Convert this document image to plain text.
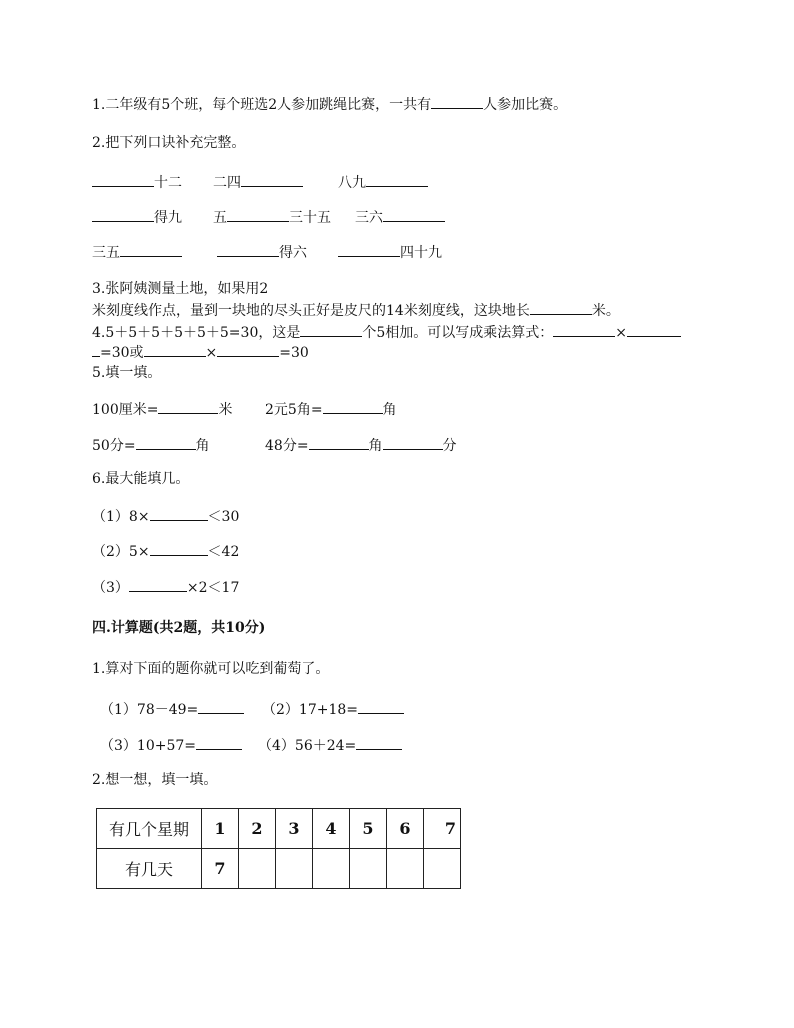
1.二年级有5个班，每个班选2人参加跳绳比赛，一共有	人参加比赛。
2.把下列口诀补充完整。
十二 二四	八九
得九 五	三十五 三六
三五	得六	四十九
3.张阿姨测量土地，如果用2
米刻度线作点，量到一块地的尽头正好是皮尺的14米刻度线，这块地长	米。
4.5＋5＋5＋5＋5＋5=30，这是	个5相加。可以写成乘法算式：	×
=30或	×	=30
5.填一填。
100厘米=	米 2元5角=	角
50分=	角	48分=	角	分
6.最大能填几。
（1）8×	＜30
（2）5×	＜42
（3）	×2＜17
四.计算题(共2题，共10分)
1.算对下面的题你就可以吃到葡萄了。
（1）78－49=	（2）17+18=
（3）10+57=	（4）56＋24=
2.想一想，填一填。
有几个星期	1	2	3	4	5	6	7
有几天	7						
